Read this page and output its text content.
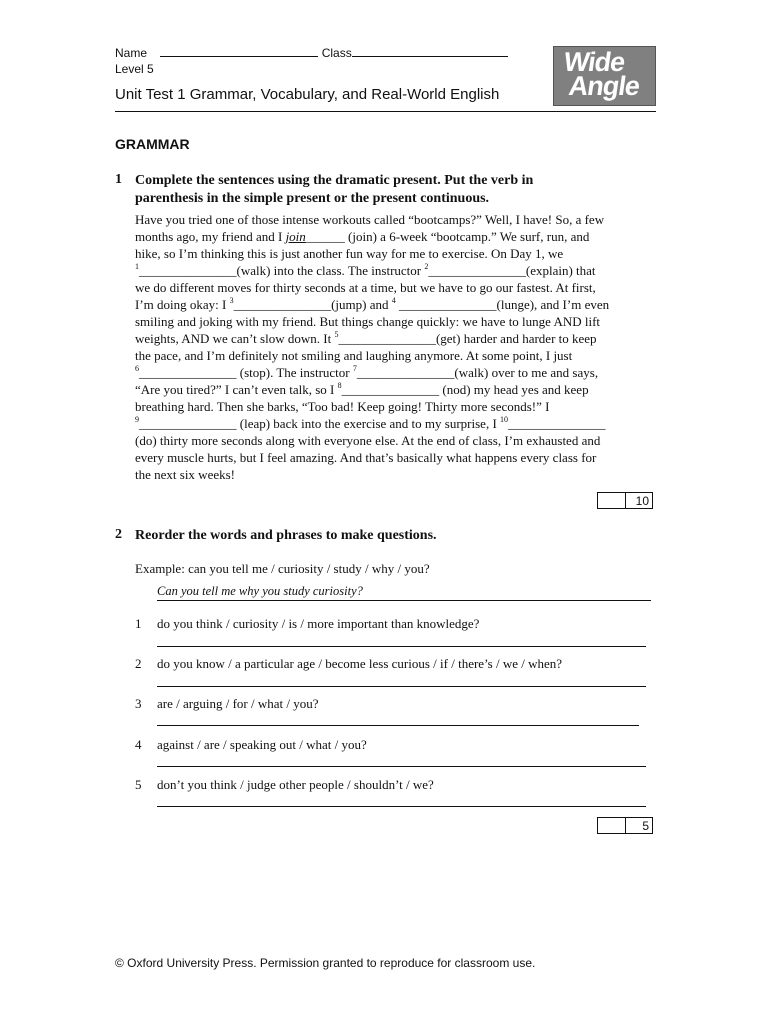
Name	Class
Level 5
Unit Test 1 Grammar, Vocabulary, and Real-World English
Wide
Angle
GRAMMAR
1 Complete the sentences using the dramatic present. Put the verb in
parenthesis in the simple present or the present continuous.
Have you tried one of those intense workouts called “bootcamps?” Well, I have! So, a few
months ago, my friend and I join______ (join) a 6-week “bootcamp.” We surf, run, and
hike, so I’m thinking this is just another fun way for me to exercise. On Day 1, we
$^1$_______________(walk) into the class. The instructor $^2$_______________(explain) that
we do different moves for thirty seconds at a time, but we have to go our fastest. At first,
I’m doing okay: I $^3$_______________(jump) and $^4$ _______________(lunge), and I’m even
smiling and joking with my friend. But things change quickly: we have to lunge AND lift
weights, AND we can’t slow down. It $^5$_______________(get) harder and harder to keep
the pace, and I’m definitely not smiling and laughing anymore. At some point, I just
$^6$_______________ (stop). The instructor $^7$_______________(walk) over to me and says,
“Are you tired?” I can’t even talk, so I $^8$_______________ (nod) my head yes and keep
breathing hard. Then she barks, “Too bad! Keep going! Thirty more seconds!” I
$^9$_______________ (leap) back into the exercise and to my surprise, I $^{10}$_______________
(do) thirty more seconds along with everyone else. At the end of class, I’m exhausted and
every muscle hurts, but I feel amazing. And that’s basically what happens every class for
the next six weeks!
10
2 Reorder the words and phrases to make questions.
Example: can you tell me / curiosity / study / why / you?
Can you tell me why you study curiosity?
1 do you think / curiosity / is / more important than knowledge?
2 do you know / a particular age / become less curious / if / there’s / we / when?
3 are / arguing / for / what / you?
4 against / are / speaking out / what / you?
5 don’t you think / judge other people / shouldn’t / we?
5
© Oxford University Press. Permission granted to reproduce for classroom use.
